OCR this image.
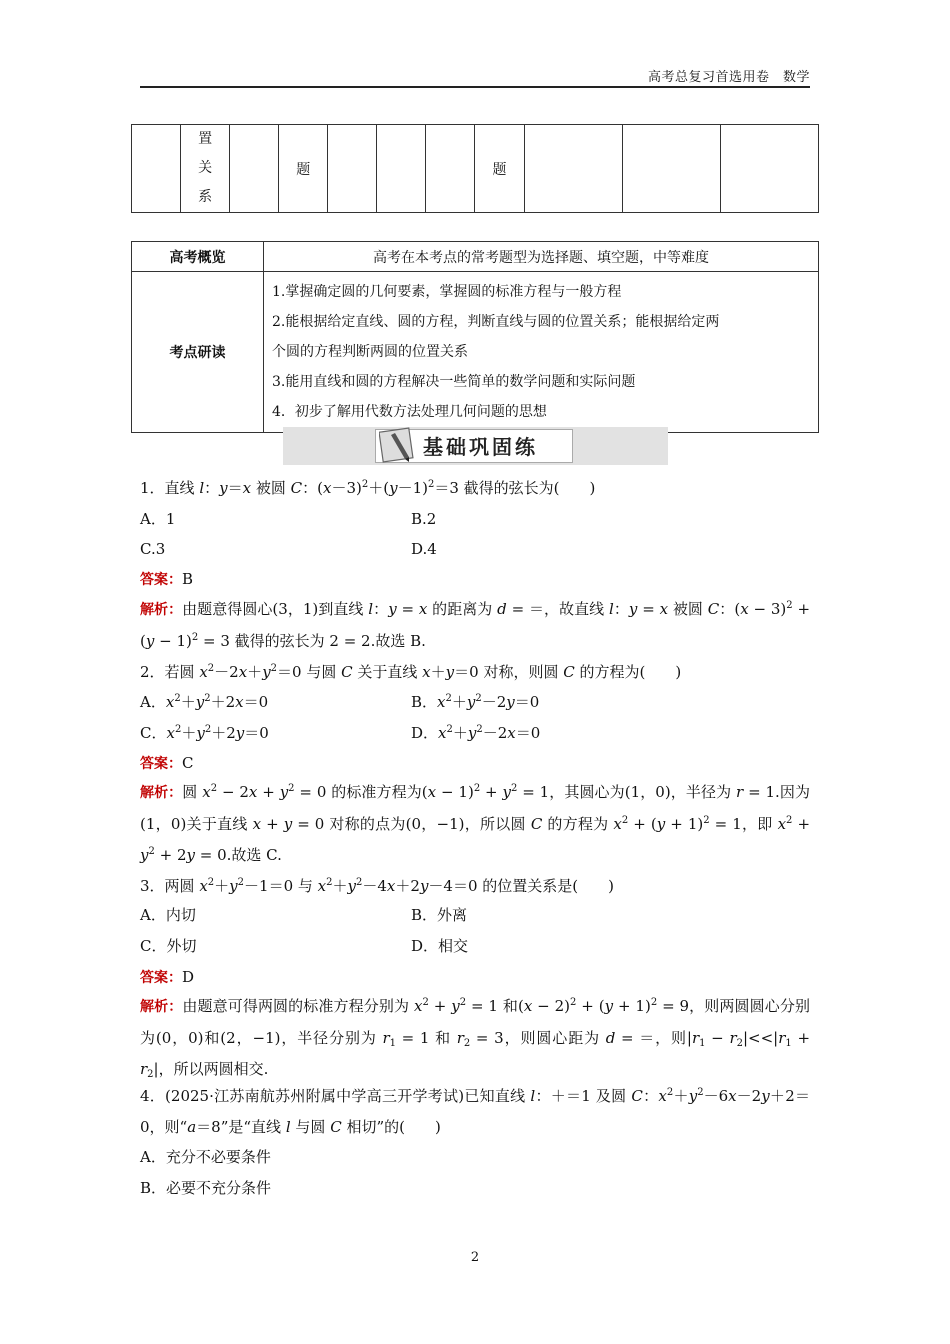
高考总复习首选用卷　数学
	置
关
系		题				题			
高考概览	高考在本考点的常考题型为选择题、填空题，中等难度
考点研读	1.掌握确定圆的几何要素，掌握圆的标准方程与一般方程
2.能根据给定直线、圆的方程，判断直线与圆的位置关系；能根据给定两
个圆的方程判断两圆的位置关系
3.能用直线和圆的方程解决一些简单的数学问题和实际问题
4．初步了解用代数方法处理几何问题的思想
基础巩固练
1．直线 l：y＝x 被圆 C：$(x-3)^2+(y-1)^2=3$ 截得的弦长为(　　)
A．1	B.2
C.3	D.4
答案：B
解析：由题意得圆心(3，1)到直线 l：y = x 的距离为 d = ＝，故直线 l：y = x 被圆 C：$(x - 3)^2 + (y - 1)^2 = 3$ 截得的弦长为 2 = 2.故选 B.
2．若圆 $x^2-2x+y^2=0$ 与圆 C 关于直线 x＋y＝0 对称，则圆 C 的方程为(　　)
A．$x^2+y^2+2x=0$	B．$x^2+y^2-2y=0$
C．$x^2+y^2+2y=0$	D．$x^2+y^2-2x=0$
答案：C
解析：圆 $x^2 - 2x + y^2 = 0$ 的标准方程为$(x - 1)^2 + y^2 = 1$，其圆心为(1，0)，半径为 r = 1.因为(1，0)关于直线 x + y = 0 对称的点为(0，−1)，所以圆 C 的方程为 $x^2 + (y + 1)^2 = 1$，即 $x^2 + y^2 + 2y = 0$.故选 C.
3．两圆 $x^2+y^2-1=0$ 与 $x^2+y^2-4x+2y-4=0$ 的位置关系是(　　)
A．内切	B．外离
C．外切	D．相交
答案：D
解析：由题意可得两圆的标准方程分别为 $x^2 + y^2 = 1$ 和$(x - 2)^2 + (y + 1)^2 = 9$，则两圆圆心分别为(0，0)和(2，−1)，半径分别为 $r_1 = 1$ 和 $r_2 = 3$，则圆心距为 d = ＝，则$|r_1 - r_2|<<|r_1 + r_2|$，所以两圆相交.
4．(2025·江苏南航苏州附属中学高三开学考试)已知直线 l：＋＝1 及圆 C：$x^2+y^2-6x-2y+2=0$，则“a＝8”是“直线 l 与圆 C 相切”的(　　)
A．充分不必要条件
B．必要不充分条件
2
